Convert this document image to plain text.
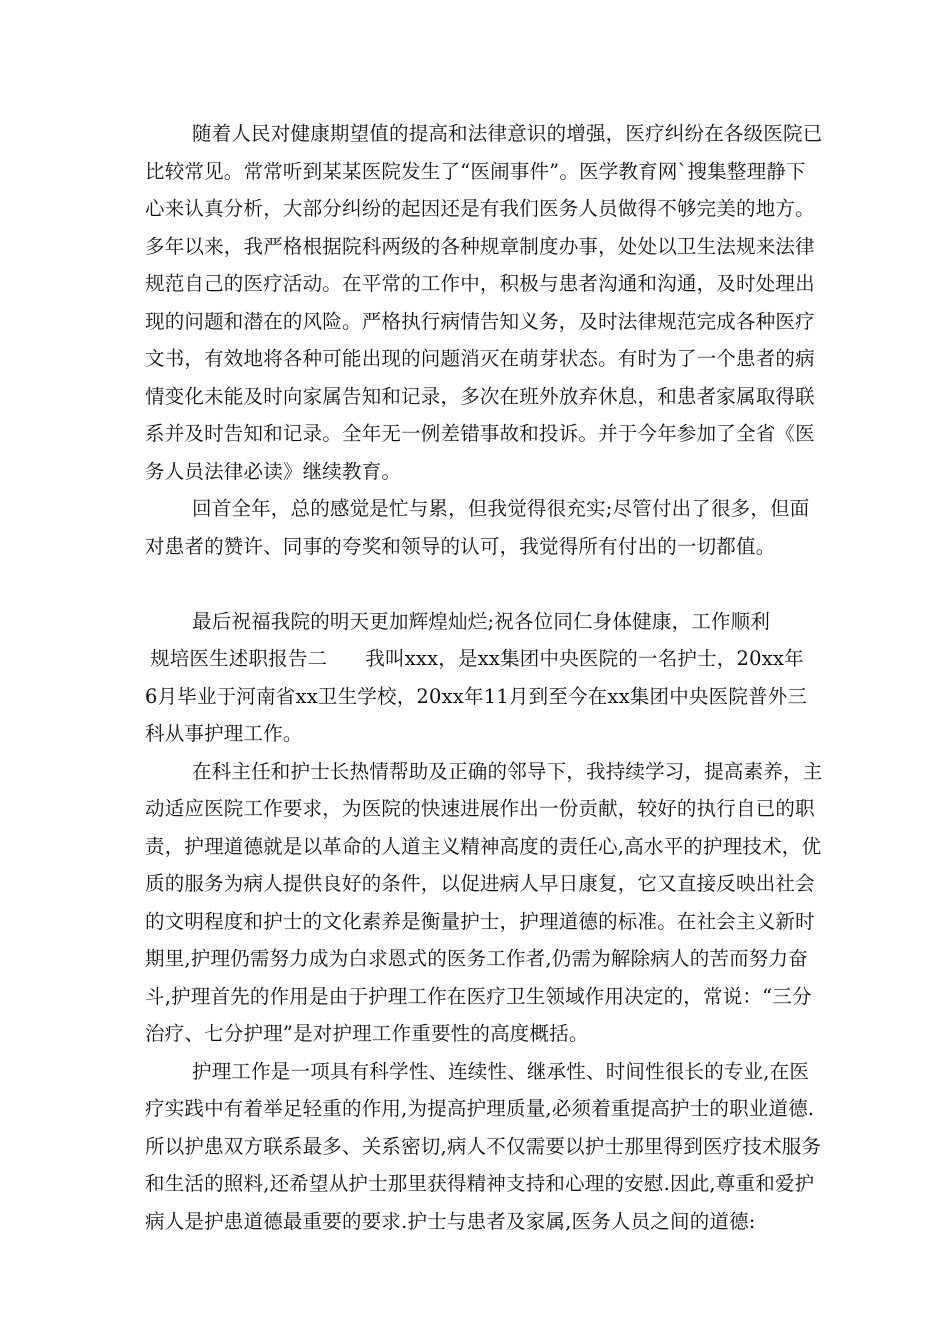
随着人民对健康期望值的提高和法律意识的增强，医疗纠纷在各级医院已
比较常见。常常听到某某医院发生了“医闹事件”。医学教育网`搜集整理静下
心来认真分析，大部分纠纷的起因还是有我们医务人员做得不够完美的地方。
多年以来，我严格根据院科两级的各种规章制度办事，处处以卫生法规来法律
规范自己的医疗活动。在平常的工作中，积极与患者沟通和沟通，及时处理出
现的问题和潜在的风险。严格执行病情告知义务，及时法律规范完成各种医疗
文书，有效地将各种可能出现的问题消灭在萌芽状态。有时为了一个患者的病
情变化未能及时向家属告知和记录，多次在班外放弃休息，和患者家属取得联
系并及时告知和记录。全年无一例差错事故和投诉。并于今年参加了全省《医
务人员法律必读》继续教育。
回首全年，总的感觉是忙与累，但我觉得很充实;尽管付出了很多，但面
对患者的赞许、同事的夸奖和领导的认可，我觉得所有付出的一切都值。
最后祝福我院的明天更加辉煌灿烂;祝各位同仁身体健康，工作顺利
规培医生述职报告二 我叫xxx，是xx集团中央医院的一名护士，20xx年
6月毕业于河南省xx卫生学校，20xx年11月到至今在xx集团中央医院普外三
科从事护理工作。
在科主任和护士长热情帮助及正确的邻导下，我持续学习，提高素养，主
动适应医院工作要求，为医院的快速进展作出一份贡献，较好的执行自已的职
责，护理道德就是以革命的人道主义精神高度的责任心,高水平的护理技术，优
质的服务为病人提供良好的条件，以促进病人早日康复，它又直接反映出社会
的文明程度和护士的文化素养是衡量护士，护理道德的标准。在社会主义新时
期里,护理仍需努力成为白求恩式的医务工作者,仍需为解除病人的苦而努力奋
斗,护理首先的作用是由于护理工作在医疗卫生领域作用决定的，常说：“三分
治疗、七分护理”是对护理工作重要性的高度概括。
护理工作是一项具有科学性、连续性、继承性、时间性很长的专业,在医
疗实践中有着举足轻重的作用,为提高护理质量,必须着重提高护士的职业道德.
所以护患双方联系最多、关系密切,病人不仅需要以护士那里得到医疗技术服务
和生活的照料,还希望从护士那里获得精神支持和心理的安慰.因此,尊重和爱护
病人是护患道德最重要的要求.护士与患者及家属,医务人员之间的道德:
